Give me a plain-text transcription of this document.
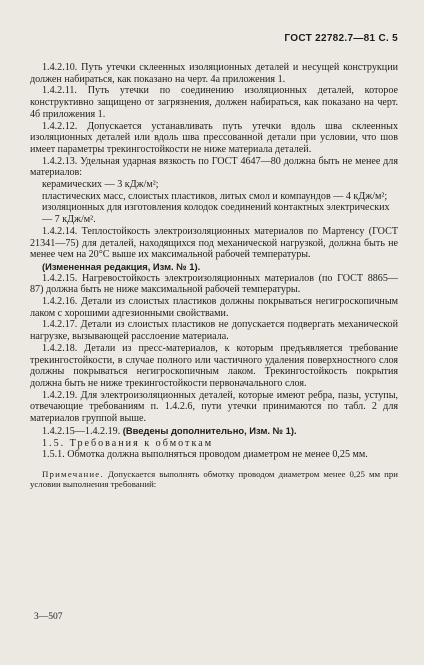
ГОСТ 22782.7—81 С. 5

1.4.2.10. Путь утечки склеенных изоляционных деталей и несущей конструкции должен набираться, как показано на черт. 4а приложения 1.

1.4.2.11. Путь утечки по соединению изоляционных деталей, которое конструктивно защищено от загрязнения, должен набираться, как показано на черт. 4б приложения 1.

1.4.2.12. Допускается устанавливать путь утечки вдоль шва склеенных изоляционных деталей или вдоль шва прессованной детали при условии, что шов имеет параметры трекингостойкости не ниже материала деталей.

1.4.2.13. Удельная ударная вязкость по ГОСТ 4647—80 должна быть не менее для материалов:

керамических — 3 кДж/м²;
пластических масс, слоистых пластиков, литых смол и компаундов — 4 кДж/м²;
изоляционных для изготовления колодок соединений контактных электрических — 7 кДж/м².

1.4.2.14. Теплостойкость электроизоляционных материалов по Мартенсу (ГОСТ 21341—75) для деталей, находящихся под механической нагрузкой, должна быть не менее чем на 20°С выше их максимальной рабочей температуры.

(Измененная редакция, Изм. № 1).

1.4.2.15. Нагревостойкость электроизоляционных материалов (по ГОСТ 8865—87) должна быть не ниже максимальной рабочей температуры.

1.4.2.16. Детали из слоистых пластиков должны покрываться негигроскопичным лаком с хорошими адгезионными свойствами.

1.4.2.17. Детали из слоистых пластиков не допускается подвергать механической нагрузке, вызывающей расслоение материала.

1.4.2.18. Детали из пресс-материалов, к которым предъявляется требование трекингостойкости, в случае полного или частичного удаления поверхностного слоя должны покрываться негигроскопичным лаком. Трекингостойкость покрытия должна быть не ниже трекингостойкости первоначального слоя.

1.4.2.19. Для электроизоляционных деталей, которые имеют ребра, пазы, уступы, отвечающие требованиям п. 1.4.2.6, пути утечки принимаются по табл. 2 для материалов группой выше.

1.4.2.15—1.4.2.19. (Введены дополнительно, Изм. № 1).

1.5. Требования к обмоткам

1.5.1. Обмотка должна выполняться проводом диаметром не менее 0,25 мм.

Примечание. Допускается выполнять обмотку проводом диаметром менее 0,25 мм при условии выполнения требований:

3—507
